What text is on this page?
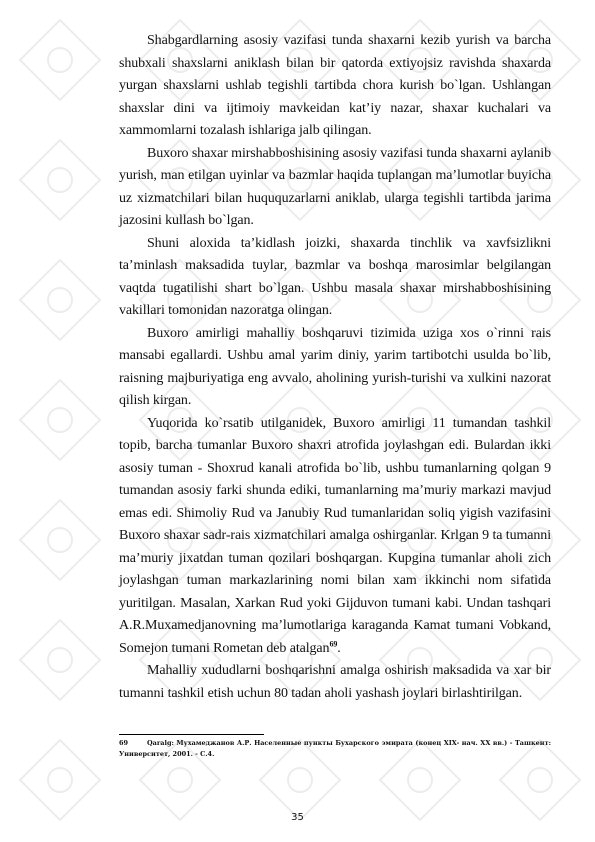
Shabgardlarning asosiy vazifasi tunda shaxarni kezib yurish va barcha shubxali shaxslarni aniklash bilan bir qatorda extiyojsiz ravishda shaxarda yurgan shaxslarni ushlab tegishli tartibda chora kurish bo`lgan. Ushlangan shaxslar dini va ijtimoiy mavkeidan kat’iy nazar, shaxar kuchalari va xammomlarni tozalash ishlariga jalb qilingan.

Buxoro shaxar mirshabboshisining asosiy vazifasi tunda shaxarni aylanib yurish, man etilgan uyinlar va bazmlar haqida tuplangan ma’lumotlar buyicha uz xizmatchilari bilan huququzarlarni aniklab, ularga tegishli tartibda jarima jazosini kullash bo`lgan.

Shuni aloxida ta’kidlash joizki, shaxarda tinchlik va xavfsizlikni ta’minlash maksadida tuylar, bazmlar va boshqa marosimlar belgilangan vaqtda tugatilishi shart bo`lgan. Ushbu masala shaxar mirshabboshisining vakillari tomonidan nazoratga olingan.

Buxoro amirligi mahalliy boshqaruvi tizimida uziga xos o`rinni rais mansabi egallardi. Ushbu amal yarim diniy, yarim tartibotchi usulda bo`lib, raisning majburiyatiga eng avvalo, aholining yurish-turishi va xulkini nazorat qilish kirgan.

Yuqorida ko`rsatib utilganidek, Buxoro amirligi 11 tumandan tashkil topib, barcha tumanlar Buxoro shaxri atrofida joylashgan edi. Bulardan ikki asosiy tuman - Shoxrud kanali atrofida bo`lib, ushbu tumanlarning qolgan 9 tumandan asosiy farki shunda ediki, tumanlarning ma’muriy markazi mavjud emas edi. Shimoliy Rud va Janubiy Rud tumanlaridan soliq yigish vazifasini Buxoro shaxar sadr-rais xizmatchilari amalga oshirganlar. Krlgan 9 ta tumanni ma’muriy jixatdan tuman qozilari boshqargan. Kupgina tumanlar aholi zich joylashgan tuman markazlarining nomi bilan xam ikkinchi nom sifatida yuritilgan. Masalan, Xarkan Rud yoki Gijduvon tumani kabi. Undan tashqari A.R.Muxamedjanovning ma’lumotlariga karaganda Kamat tumani Vobkand, Somejon tumani Rometan deb atalgan$^{69}$.

Mahalliy xududlarni boshqarishni amalga oshirish maksadida va xar bir tumanni tashkil etish uchun 80 tadan aholi yashash joylari birlashtirilgan.

69	Qaralg: Мухамеджанов А.Р. Населенные пункты Бухарского эмирата (конец XIX- нач. ХХ вв.) - Ташкент: Университет, 2001. - С.4.
35
